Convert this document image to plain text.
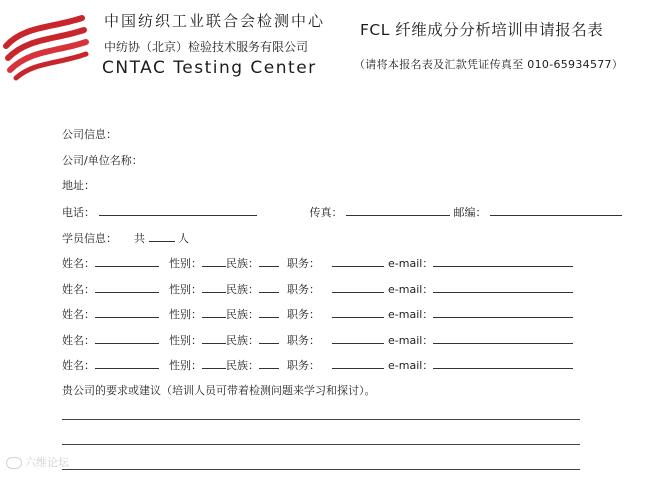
中国纺织工业联合会检测中心
中纺协（北京）检验技术服务有限公司
CNTAC Testing Center
FCL 纤维成分分析培训申请报名表
（请将本报名表及汇款凭证传真至 010-65934577）
公司信息：
公司/单位名称：
地址：
电话：	传真：	邮编：
学员信息： 共	人
姓名：	性别： 民族：	职务：	e-mail：
姓名：	性别： 民族：	职务：	e-mail：
姓名：	性别： 民族：	职务：	e-mail：
姓名：	性别： 民族：	职务：	e-mail：
姓名：	性别： 民族：	职务：	e-mail：
贵公司的要求或建议（培训人员可带着检测问题来学习和探讨）。
六维论坛
